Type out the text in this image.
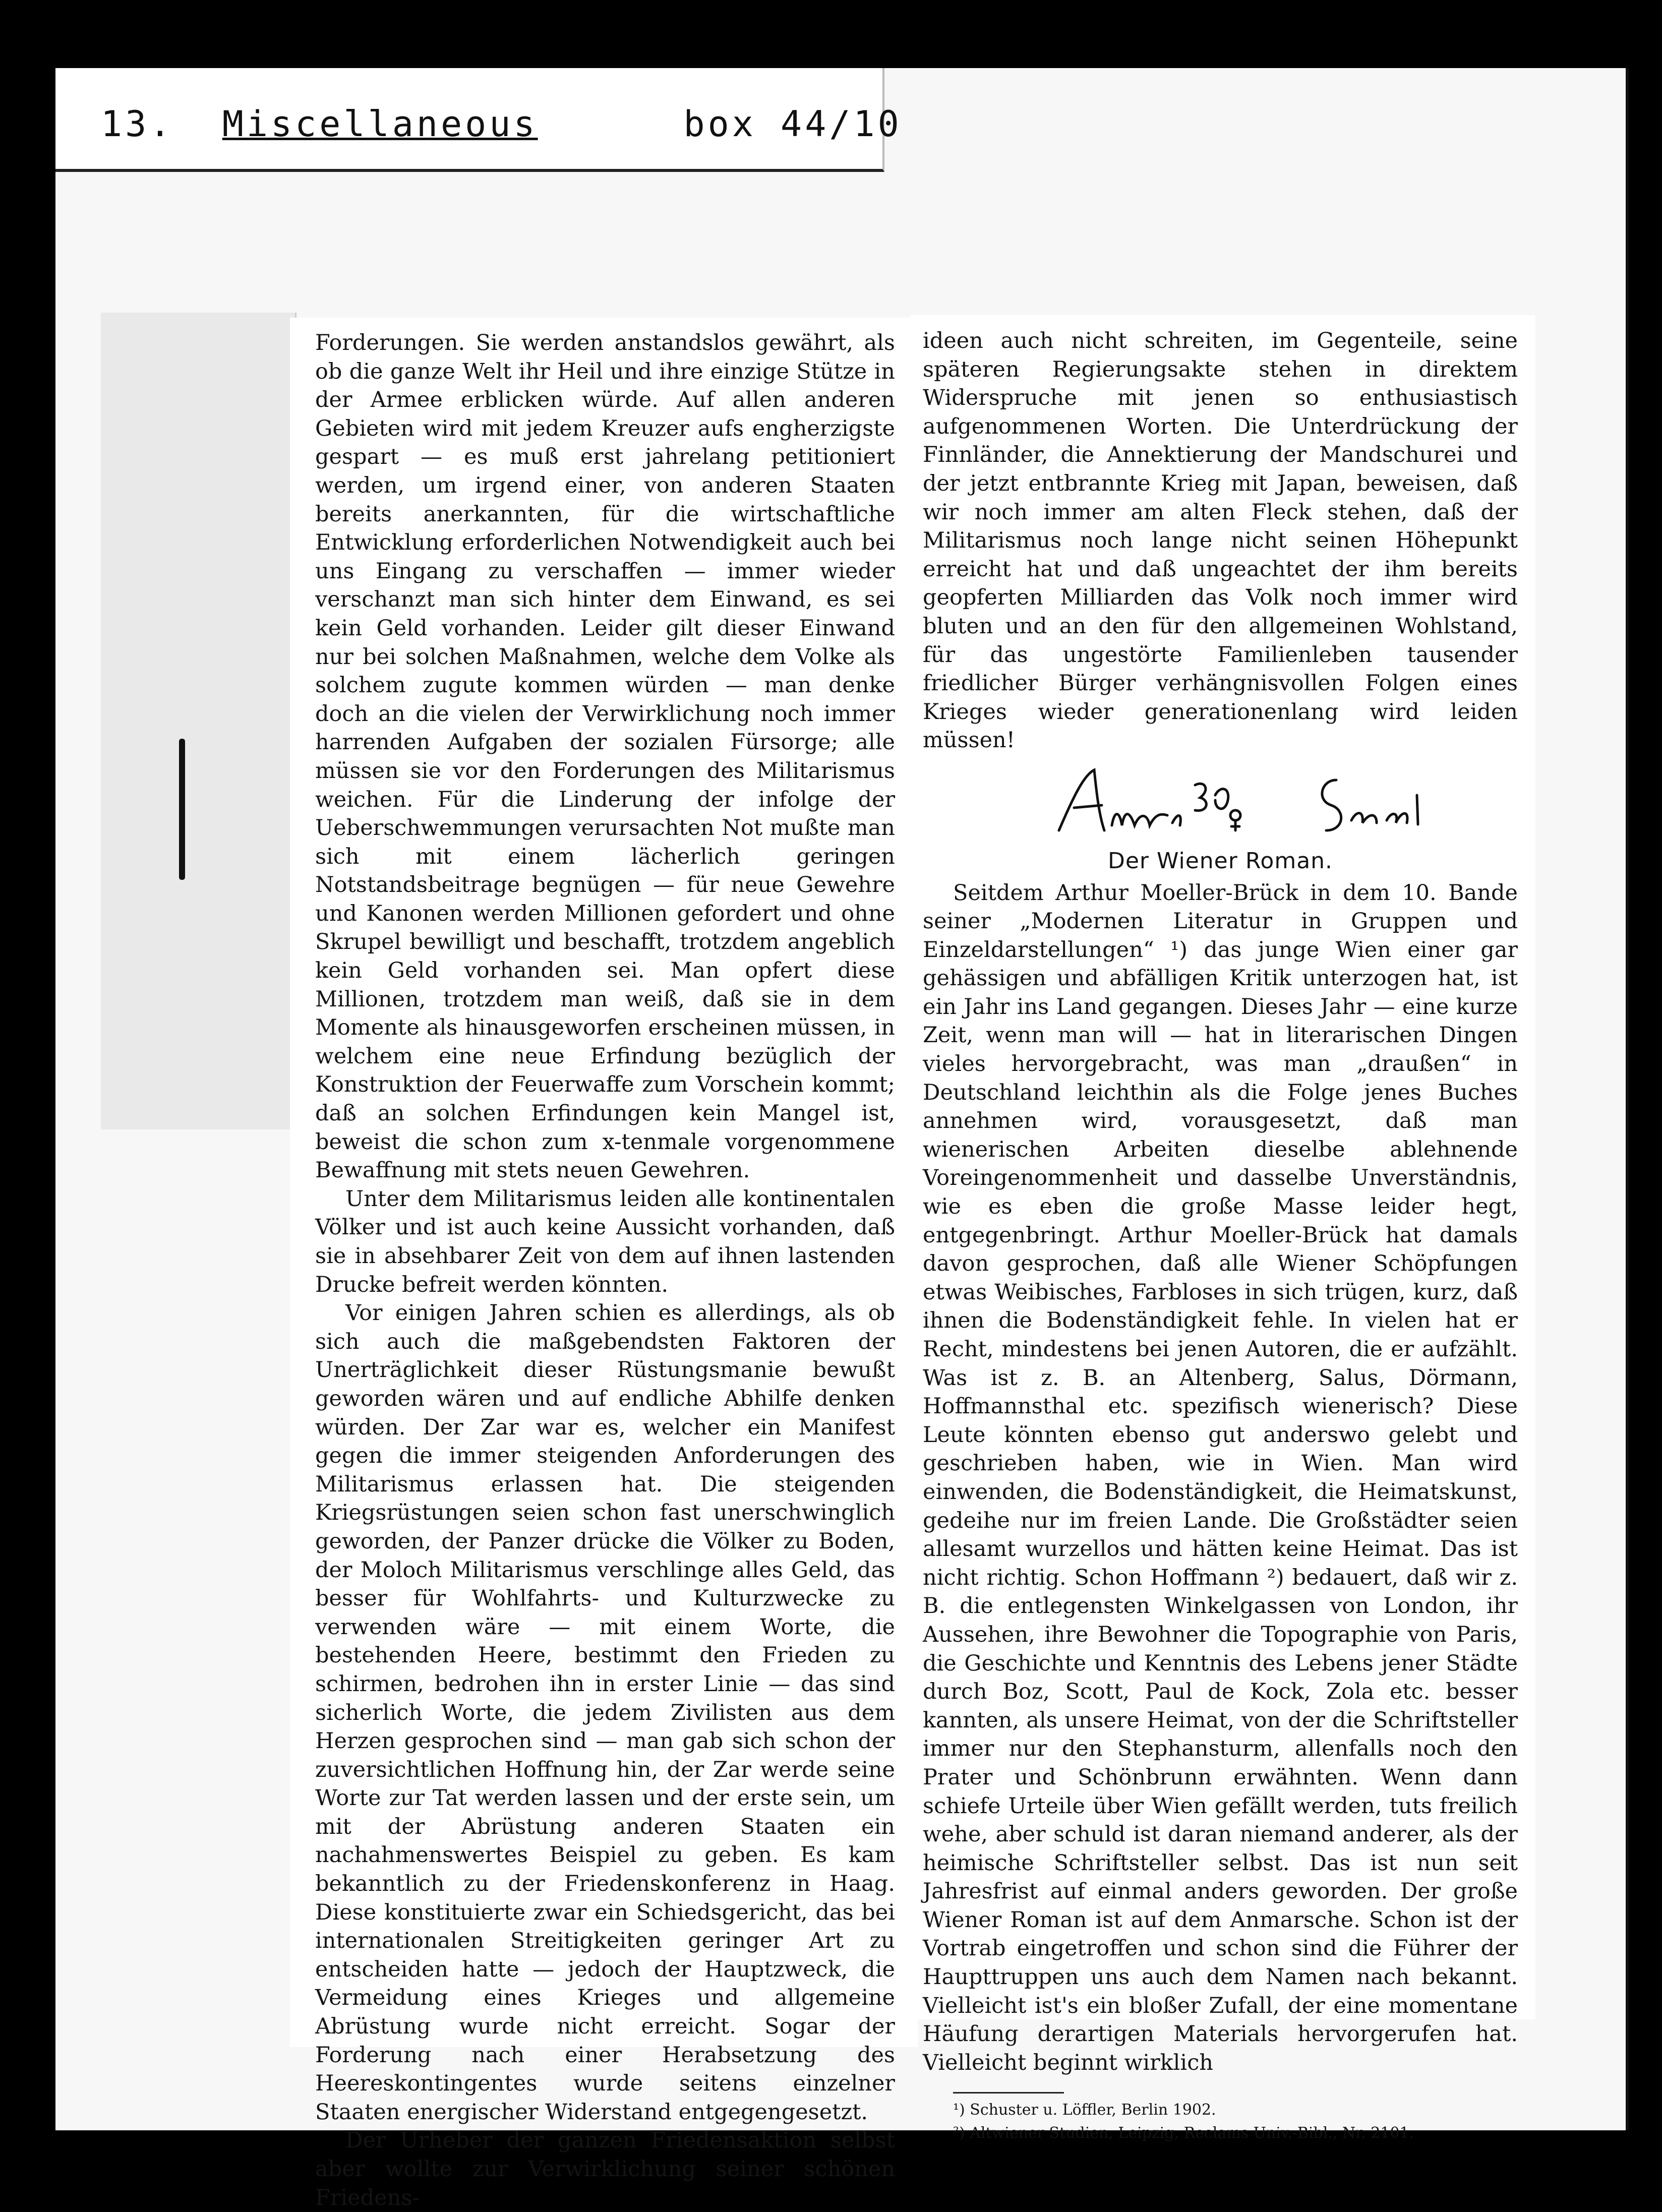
13. Miscellaneous	box 44/10

Forderungen. Sie werden anstandslos gewährt, als ob die ganze Welt ihr Heil und ihre einzige Stütze in der Armee erblicken würde. Auf allen anderen Gebieten wird mit jedem Kreuzer aufs engherzigste gespart — es muß erst jahrelang petitioniert werden, um irgend einer, von anderen Staaten bereits anerkannten, für die wirtschaftliche Entwicklung erforderlichen Notwendigkeit auch bei uns Eingang zu verschaffen — immer wieder verschanzt man sich hinter dem Einwand, es sei kein Geld vorhanden. Leider gilt dieser Einwand nur bei solchen Maßnahmen, welche dem Volke als solchem zugute kommen würden — man denke doch an die vielen der Verwirklichung noch immer harrenden Aufgaben der sozialen Fürsorge; alle müssen sie vor den Forderungen des Militarismus weichen. Für die Linderung der infolge der Ueberschwemmungen verursachten Not mußte man sich mit einem lächerlich geringen Notstandsbeitrage begnügen — für neue Gewehre und Kanonen werden Millionen gefordert und ohne Skrupel bewilligt und beschafft, trotzdem angeblich kein Geld vorhanden sei. Man opfert diese Millionen, trotzdem man weiß, daß sie in dem Momente als hinausgeworfen erscheinen müssen, in welchem eine neue Erfindung bezüglich der Konstruktion der Feuerwaffe zum Vorschein kommt; daß an solchen Erfindungen kein Mangel ist, beweist die schon zum x-tenmale vorgenommene Bewaffnung mit stets neuen Gewehren.

Unter dem Militarismus leiden alle kontinentalen Völker und ist auch keine Aussicht vorhanden, daß sie in absehbarer Zeit von dem auf ihnen lastenden Drucke befreit werden könnten.

Vor einigen Jahren schien es allerdings, als ob sich auch die maßgebendsten Faktoren der Unerträglichkeit dieser Rüstungsmanie bewußt geworden wären und auf endliche Abhilfe denken würden. Der Zar war es, welcher ein Manifest gegen die immer steigenden Anforderungen des Militarismus erlassen hat. Die steigenden Kriegsrüstungen seien schon fast unerschwinglich geworden, der Panzer drücke die Völker zu Boden, der Moloch Militarismus verschlinge alles Geld, das besser für Wohlfahrts- und Kulturzwecke zu verwenden wäre — mit einem Worte, die bestehenden Heere, bestimmt den Frieden zu schirmen, bedrohen ihn in erster Linie — das sind sicherlich Worte, die jedem Zivilisten aus dem Herzen gesprochen sind — man gab sich schon der zuversichtlichen Hoffnung hin, der Zar werde seine Worte zur Tat werden lassen und der erste sein, um mit der Abrüstung anderen Staaten ein nachahmenswertes Beispiel zu geben. Es kam bekanntlich zu der Friedenskonferenz in Haag. Diese konstituierte zwar ein Schiedsgericht, das bei internationalen Streitigkeiten geringer Art zu entscheiden hatte — jedoch der Hauptzweck, die Vermeidung eines Krieges und allgemeine Abrüstung wurde nicht erreicht. Sogar der Forderung nach einer Herabsetzung des Heereskontingentes wurde seitens einzelner Staaten energischer Widerstand entgegengesetzt.

Der Urheber der ganzen Friedensaktion selbst aber wollte zur Verwirklichung seiner schönen Friedens-

ideen auch nicht schreiten, im Gegenteile, seine späteren Regierungsakte stehen in direktem Widerspruche mit jenen so enthusiastisch aufgenommenen Worten. Die Unterdrückung der Finnländer, die Annektierung der Mandschurei und der jetzt entbrannte Krieg mit Japan, beweisen, daß wir noch immer am alten Fleck stehen, daß der Militarismus noch lange nicht seinen Höhepunkt erreicht hat und daß ungeachtet der ihm bereits geopferten Milliarden das Volk noch immer wird bluten und an den für den allgemeinen Wohlstand, für das ungestörte Familienleben tausender friedlicher Bürger verhängnisvollen Folgen eines Krieges wieder generationenlang wird leiden müssen!

Der Wiener Roman.

Seitdem Arthur Moeller-Brück in dem 10. Bande seiner „Modernen Literatur in Gruppen und Einzeldarstellungen“ ¹) das junge Wien einer gar gehässigen und abfälligen Kritik unterzogen hat, ist ein Jahr ins Land gegangen. Dieses Jahr — eine kurze Zeit, wenn man will — hat in literarischen Dingen vieles hervorgebracht, was man „draußen“ in Deutschland leichthin als die Folge jenes Buches annehmen wird, vorausgesetzt, daß man wienerischen Arbeiten dieselbe ablehnende Voreingenommenheit und dasselbe Unverständnis, wie es eben die große Masse leider hegt, entgegenbringt. Arthur Moeller-Brück hat damals davon gesprochen, daß alle Wiener Schöpfungen etwas Weibisches, Farbloses in sich trügen, kurz, daß ihnen die Bodenständigkeit fehle. In vielen hat er Recht, mindestens bei jenen Autoren, die er aufzählt. Was ist z. B. an Altenberg, Salus, Dörmann, Hoffmannsthal etc. spezifisch wienerisch? Diese Leute könnten ebenso gut anderswo gelebt und geschrieben haben, wie in Wien. Man wird einwenden, die Bodenständigkeit, die Heimatskunst, gedeihe nur im freien Lande. Die Großstädter seien allesamt wurzellos und hätten keine Heimat. Das ist nicht richtig. Schon Hoffmann ²) bedauert, daß wir z. B. die entlegensten Winkelgassen von London, ihr Aussehen, ihre Bewohner die Topographie von Paris, die Geschichte und Kenntnis des Lebens jener Städte durch Boz, Scott, Paul de Kock, Zola etc. besser kannten, als unsere Heimat, von der die Schriftsteller immer nur den Stephansturm, allenfalls noch den Prater und Schönbrunn erwähnten. Wenn dann schiefe Urteile über Wien gefällt werden, tuts freilich wehe, aber schuld ist daran niemand anderer, als der heimische Schriftsteller selbst. Das ist nun seit Jahresfrist auf einmal anders geworden. Der große Wiener Roman ist auf dem Anmarsche. Schon ist der Vortrab eingetroffen und schon sind die Führer der Haupttruppen uns auch dem Namen nach bekannt. Vielleicht ist's ein bloßer Zufall, der eine momentane Häufung derartigen Materials hervorgerufen hat. Vielleicht beginnt wirklich

¹) Schuster u. Löffler, Berlin 1902.

²) Altwiener Studien, Leipzig, Reclams Univ.-Bibl., Nr. 2101.
